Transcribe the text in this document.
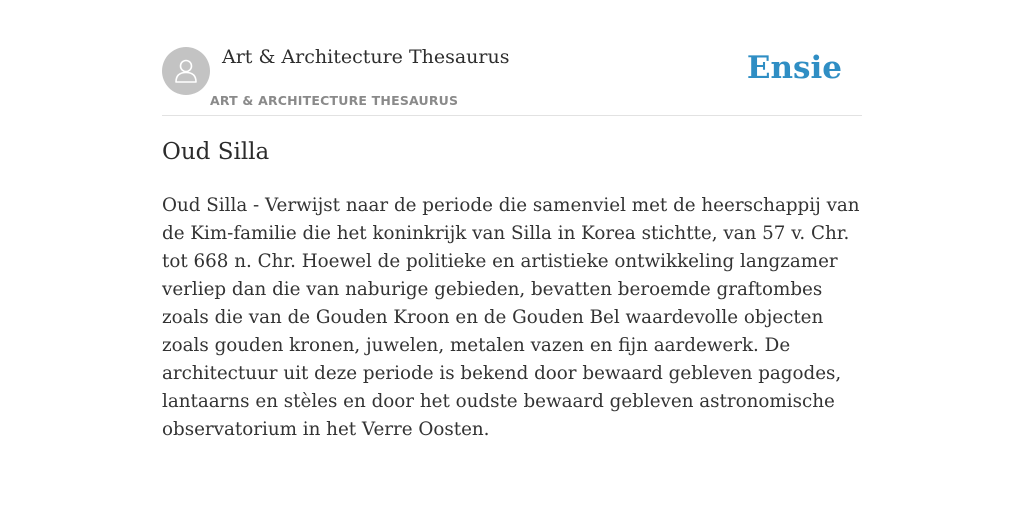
Art & Architecture Thesaurus
ART & ARCHITECTURE THESAURUS
Ensie
Oud Silla

Oud Silla - Verwijst naar de periode die samenviel met de heerschappij van de Kim-familie die het koninkrijk van Silla in Korea stichtte, van 57 v. Chr. tot 668 n. Chr. Hoewel de politieke en artistieke ontwikkeling langzamer verliep dan die van naburige gebieden, bevatten beroemde graftombes zoals die van de Gouden Kroon en de Gouden Bel waardevolle objecten zoals gouden kronen, juwelen, metalen vazen en fijn aardewerk. De architectuur uit deze periode is bekend door bewaard gebleven pagodes, lantaarns en stèles en door het oudste bewaard gebleven astronomische observatorium in het Verre Oosten.
